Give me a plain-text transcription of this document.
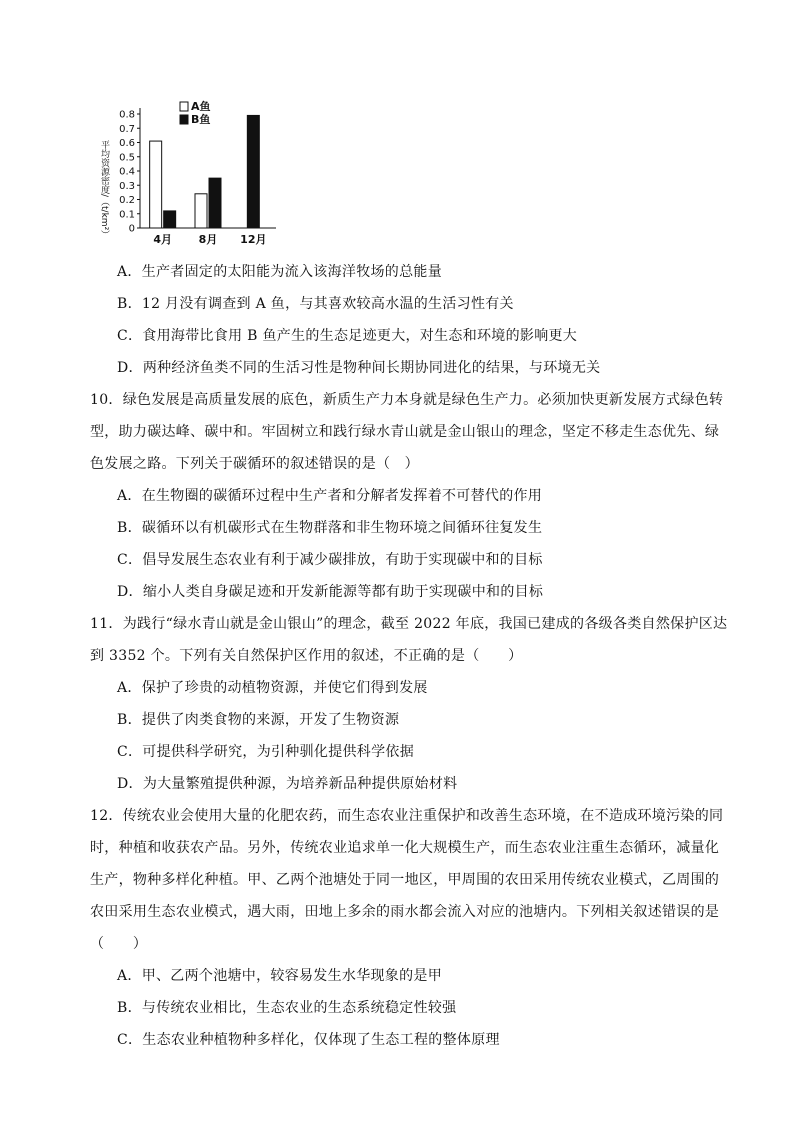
平均资源密度/（t/km²） 0
0.1
0.2
0.3
0.4
0.5
0.6
0.7
0.8
4月 8月 12月
A鱼
B鱼
A．生产者固定的太阳能为流入该海洋牧场的总能量
B．12 月没有调查到 A 鱼，与其喜欢较高水温的生活习性有关
C．食用海带比食用 B 鱼产生的生态足迹更大，对生态和环境的影响更大
D．两种经济鱼类不同的生活习性是物种间长期协同进化的结果，与环境无关
10．绿色发展是高质量发展的底色，新质生产力本身就是绿色生产力。必须加快更新发展方式绿色转
型，助力碳达峰、碳中和。牢固树立和践行绿水青山就是金山银山的理念，坚定不移走生态优先、绿
色发展之路。下列关于碳循环的叙述错误的是（　）
A．在生物圈的碳循环过程中生产者和分解者发挥着不可替代的作用
B．碳循环以有机碳形式在生物群落和非生物环境之间循环往复发生
C．倡导发展生态农业有利于减少碳排放，有助于实现碳中和的目标
D．缩小人类自身碳足迹和开发新能源等都有助于实现碳中和的目标
11．为践行“绿水青山就是金山银山”的理念，截至 2022 年底，我国已建成的各级各类自然保护区达
到 3352 个。下列有关自然保护区作用的叙述，不正确的是（　　）
A．保护了珍贵的动植物资源，并使它们得到发展
B．提供了肉类食物的来源，开发了生物资源
C．可提供科学研究，为引种驯化提供科学依据
D．为大量繁殖提供种源，为培养新品种提供原始材料
12．传统农业会使用大量的化肥农药，而生态农业注重保护和改善生态环境，在不造成环境污染的同
时，种植和收获农产品。另外，传统农业追求单一化大规模生产，而生态农业注重生态循环，减量化
生产，物种多样化种植。甲、乙两个池塘处于同一地区，甲周围的农田采用传统农业模式，乙周围的
农田采用生态农业模式，遇大雨，田地上多余的雨水都会流入对应的池塘内。下列相关叙述错误的是
（　　）
A．甲、乙两个池塘中，较容易发生水华现象的是甲
B．与传统农业相比，生态农业的生态系统稳定性较强
C．生态农业种植物种多样化，仅体现了生态工程的整体原理
